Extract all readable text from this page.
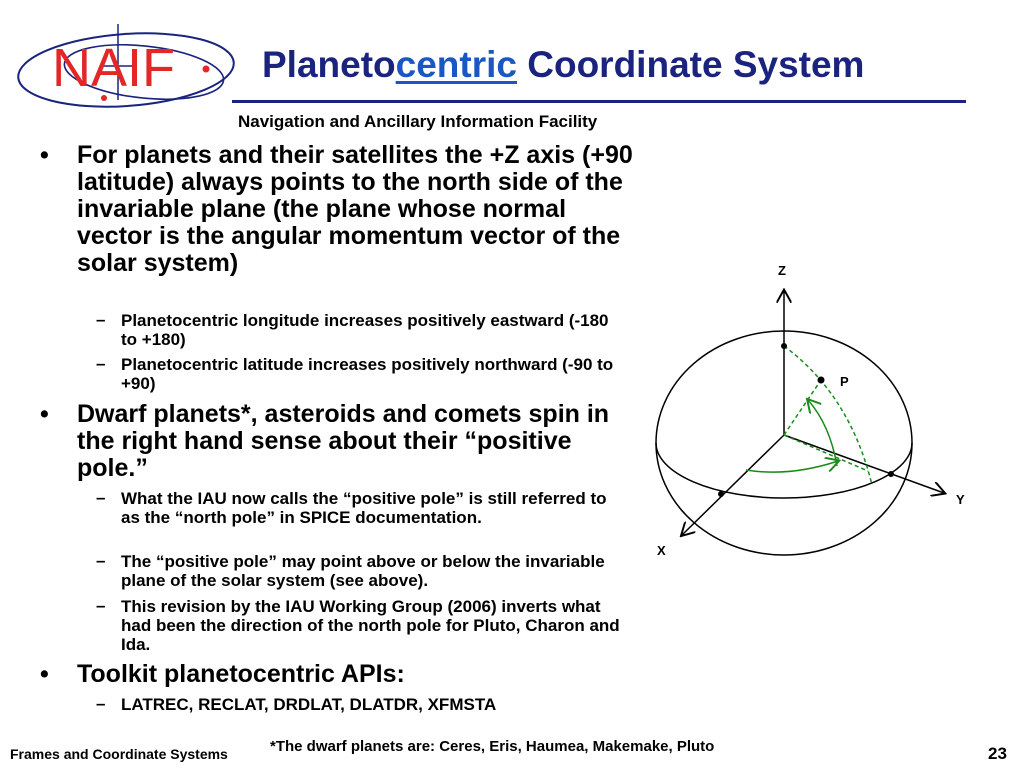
NAIF Planetocentric Coordinate System
Navigation and Ancillary Information Facility
• For planets and their satellites the +Z axis (+90 latitude) always points to the north side of the invariable plane (the plane whose normal vector is the angular momentum vector of the solar system)
– Planetocentric longitude increases positively eastward (-180 to +180)
– Planetocentric latitude increases positively northward (-90 to +90)
• Dwarf planets*, asteroids and comets spin in the right hand sense about their “positive pole.”
– What the IAU now calls the “positive pole” is still referred to as the “north pole” in SPICE documentation.
– The “positive pole” may point above or below the invariable plane of the solar system (see above).
– This revision by the IAU Working Group (2006) inverts what had been the direction of the north pole for Pluto, Charon and Ida.
• Toolkit planetocentric APIs:
– LATREC, RECLAT, DRDLAT, DLATDR, XFMSTA
Z
P
Y
X
Frames and Coordinate Systems	*The dwarf planets are: Ceres, Eris, Haumea, Makemake, Pluto	23
